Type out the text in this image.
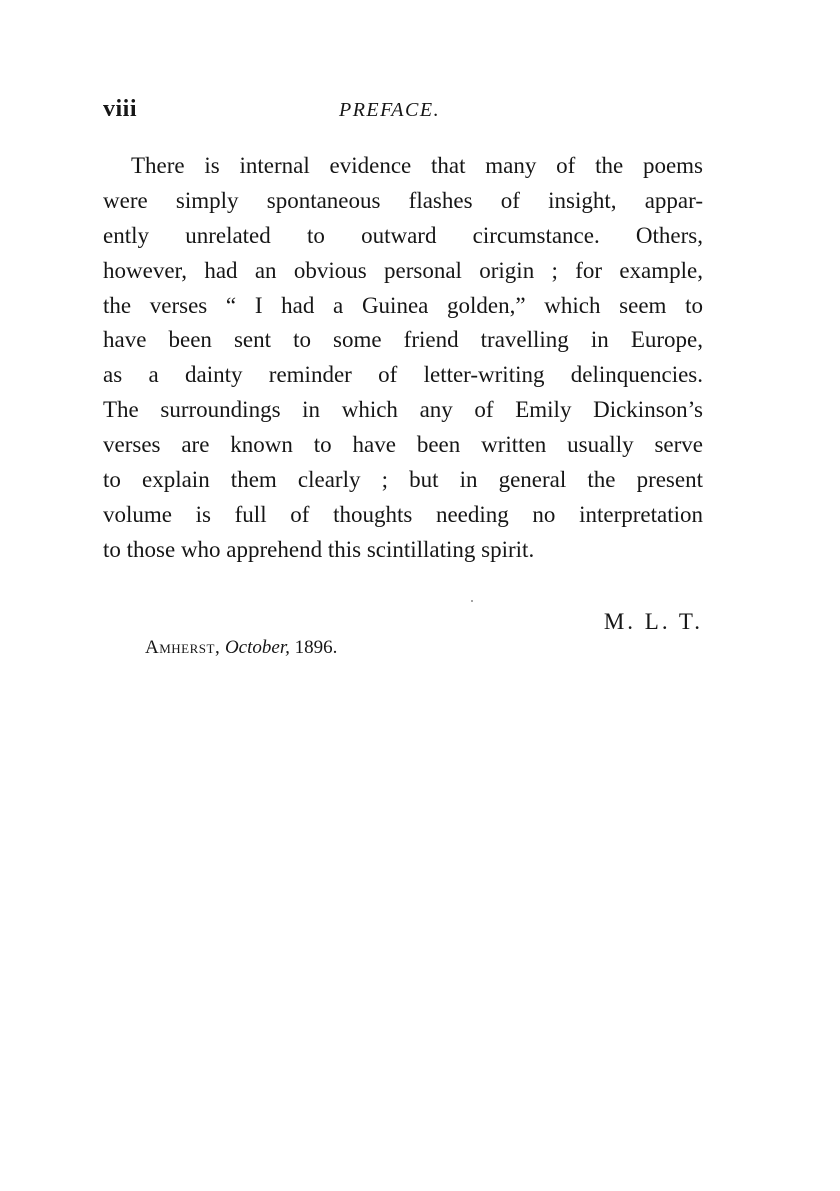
viii	PREFACE.
There is internal evidence that many of the poems
were simply spontaneous flashes of insight, appar-
ently unrelated to outward circumstance. Others,
however, had an obvious personal origin ; for example,
the verses “ I had a Guinea golden,” which seem to
have been sent to some friend travelling in Europe,
as a dainty reminder of letter-writing delinquencies.
The surroundings in which any of Emily Dickinson’s
verses are known to have been written usually serve
to explain them clearly ; but in general the present
volume is full of thoughts needing no interpretation
to those who apprehend this scintillating spirit.
M. L. T.
Amherst, October, 1896.
